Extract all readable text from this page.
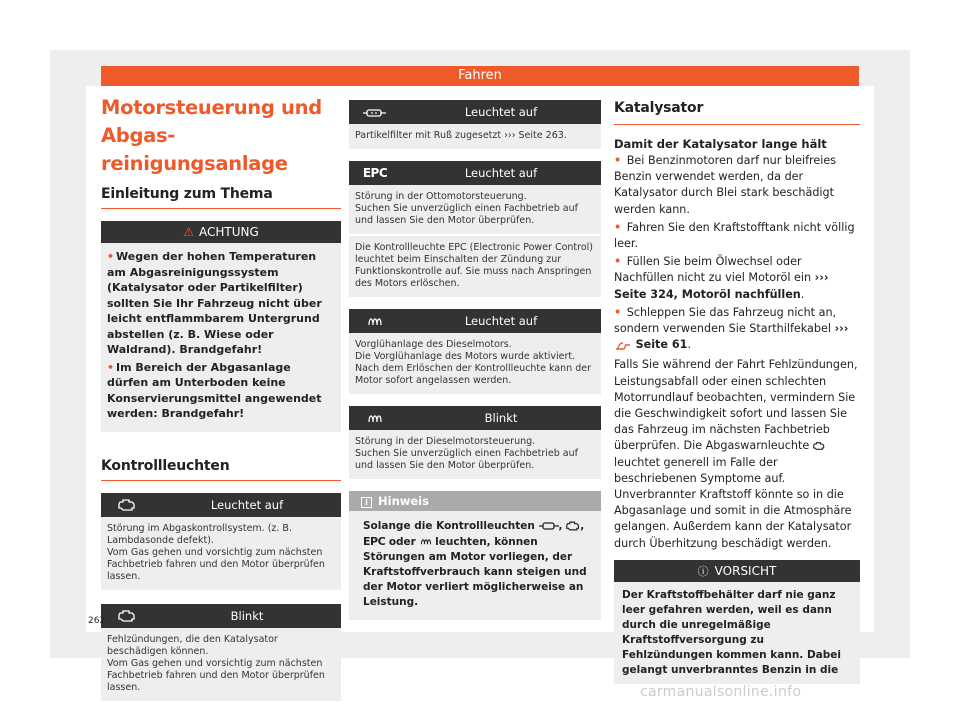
Fahren
Motorsteuerung und Abgasreinigungsanlage
Einleitung zum Thema
⚠ ACHTUNG

• Wegen der hohen Temperaturen am Abgasreinigungssystem (Katalysator oder Partikelfilter) sollten Sie Ihr Fahrzeug nicht über leicht entflammbarem Untergrund abstellen (z. B. Wiese oder Waldrand). Brandgefahr!

• Im Bereich der Abgasanlage dürfen am Unterboden keine Konservierungsmittel angewendet werden: Brandgefahr!

Kontrollleuchten
Leuchtet auf
Störung im Abgaskontrollsystem. (z. B. Lambdasonde defekt).
Vom Gas gehen und vorsichtig zum nächsten Fachbetrieb fahren und den Motor überprüfen lassen.
Blinkt
Fehlzündungen, die den Katalysator beschädigen können.
Vom Gas gehen und vorsichtig zum nächsten Fachbetrieb fahren und den Motor überprüfen lassen.
Leuchtet auf
Partikelfilter mit Ruß zugesetzt ››› Seite 263.
EPC	Leuchtet auf
Störung in der Ottomotorsteuerung.
Suchen Sie unverzüglich einen Fachbetrieb auf und lassen Sie den Motor überprüfen.
Die Kontrollleuchte EPC (Electronic Power Control) leuchtet beim Einschalten der Zündung zur Funktionskontrolle auf. Sie muss nach Anspringen des Motors erlöschen.
Leuchtet auf
Vorglühanlage des Dieselmotors.
Die Vorglühanlage des Motors wurde aktiviert. Nach dem Erlöschen der Kontrollleuchte kann der Motor sofort angelassen werden.
Blinkt
Störung in der Dieselmotorsteuerung.
Suchen Sie unverzüglich einen Fachbetrieb auf und lassen Sie den Motor überprüfen.
i Hinweis
Solange die Kontrollleuchten , , EPC oder leuchten, können Störungen am Motor vorliegen, der Kraftstoffverbrauch kann steigen und der Motor verliert möglicherweise an Leistung.
Katalysator
Damit der Katalysator lange hält

• Bei Benzinmotoren darf nur bleifreies Benzin verwendet werden, da der Katalysator durch Blei stark beschädigt werden kann.

• Fahren Sie den Kraftstofftank nicht völlig leer.

• Füllen Sie beim Ölwechsel oder Nachfüllen nicht zu viel Motoröl ein ››› Seite 324, Motoröl nachfüllen.

• Schleppen Sie das Fahrzeug nicht an, sondern verwenden Sie Starthilfekabel ›››  Seite 61.

Falls Sie während der Fahrt Fehlzündungen, Leistungsabfall oder einen schlechten Motorrundlauf beobachten, vermindern Sie die Geschwindigkeit sofort und lassen Sie das Fahrzeug im nächsten Fachbetrieb überprüfen. Die Abgaswarnleuchte  leuchtet generell im Falle der beschriebenen Symptome auf. Unverbrannter Kraftstoff könnte so in die Abgasanlage und somit in die Atmosphäre gelangen. Außerdem kann der Katalysator durch Überhitzung beschädigt werden.

ⓘ VORSICHT
Der Kraftstoffbehälter darf nie ganz leer gefahren werden, weil es dann durch die unregelmäßige Kraftstoffversorgung zu Fehlzündungen kommen kann. Dabei gelangt unverbranntes Benzin in die
262
carmanualsonline.info
